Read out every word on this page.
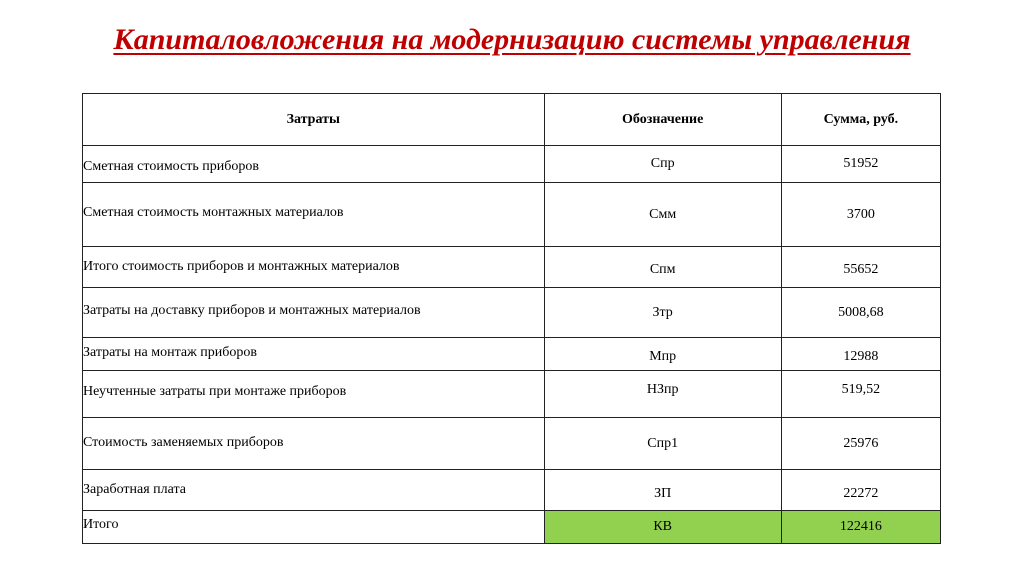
Капиталовложения на модернизацию системы управления
Затраты	Обозначение	Сумма, руб.
Сметная стоимость приборов	Спр	51952
Сметная стоимость монтажных материалов	Смм	3700
Итого стоимость приборов и монтажных материалов	Спм	55652
Затраты на доставку приборов и монтажных материалов	Зтр	5008,68
Затраты на монтаж приборов	Мпр	12988
Неучтенные затраты при монтаже приборов	НЗпр	519,52
Стоимость заменяемых приборов	Спр1	25976
Заработная плата	ЗП	22272
Итого	КВ	122416
